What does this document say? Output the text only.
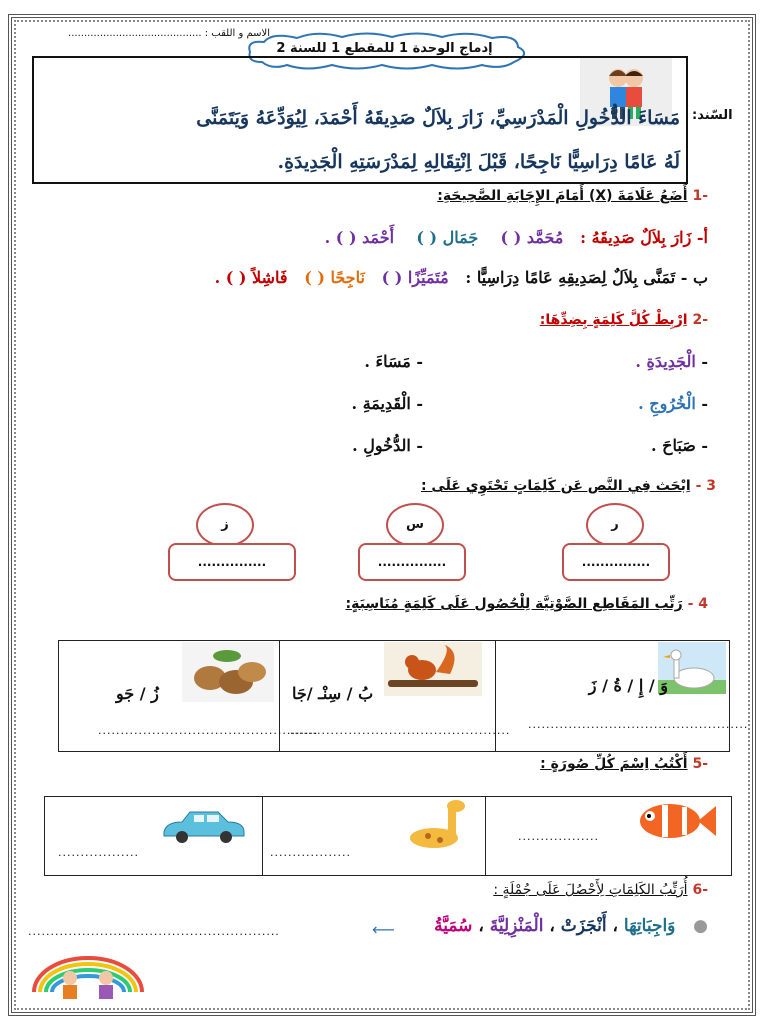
الاسم و اللقب : ..........................................
إدماج الوحدة 1 للمقطع 1 للسنة 2
السّند:
مَسَاءَ الدُّخُولِ الْمَدْرَسِيِّ، زَارَ بِلاَلٌ صَدِيقَهُ أَحْمَدَ، لِيُوَدِّعَهُ وَيَتَمَنَّى
لَهُ عَامًا دِرَاسِيًّا نَاجِحًا، قَبْلَ اِنْتِقَالِهِ لِمَدْرَسَتِهِ الْجَدِيدَةِ.
-1 أَضَعُ عَلَامَةَ (X) أَمَامَ الإِجَابَةِ الصَّحِيحَةِ:
أ- زَارَ بِلاَلٌ صَدِيقَهُ :   مُحَمَّد ( )    جَمَال ( )    أَحْمَد ( ) .
ب - تَمَنَّى بِلاَلٌ لِصَدِيقِهِ عَامًا دِرَاسِيًّا :   مُتَمَيِّزًا ( )   نَاجِحًا ( )   فَاشِلاً ( ) .
-2 اِرْبِطْ كُلَّ كَلِمَةٍ بِضِدِّهَا:
- الْجَدِيدَةِ .
- الْخُرُوجِ .
- صَبَاحَ .
- مَسَاءَ .
- الْقَدِيمَةِ .
- الدُّخُولِ .
3 - اِبْحَث فِي النَّص عَن كَلِمَاتٍ تَحْتَوِي عَلَى :
ر
س
ز
...............
...............
...............
4 - رَتِّب المَقَاطِع الصَّوْتِيَّة لِلْحُصُول عَلَى كَلِمَةٍ مُنَاسِبَةٍ:
وَ / إِ / ةُ / زَ
بُ / سِنْـ /جَا
زُ / جَو
.................................................
.................................................
.................................................
-5 أَكْتُبُ اِسْمَ كُلِّ صُورَةٍ :
..................
..................
..................
-6 أُرَتِّبُ الكَلِمَاتِ لِأَحْصُلَ عَلَى جُمْلَةٍ :
●   وَاجِبَاتِهَا ، أَنْجَزَتْ ، الْمَنْزِلِيَّةَ ، سُمَيَّةُ
⟵
........................................................
